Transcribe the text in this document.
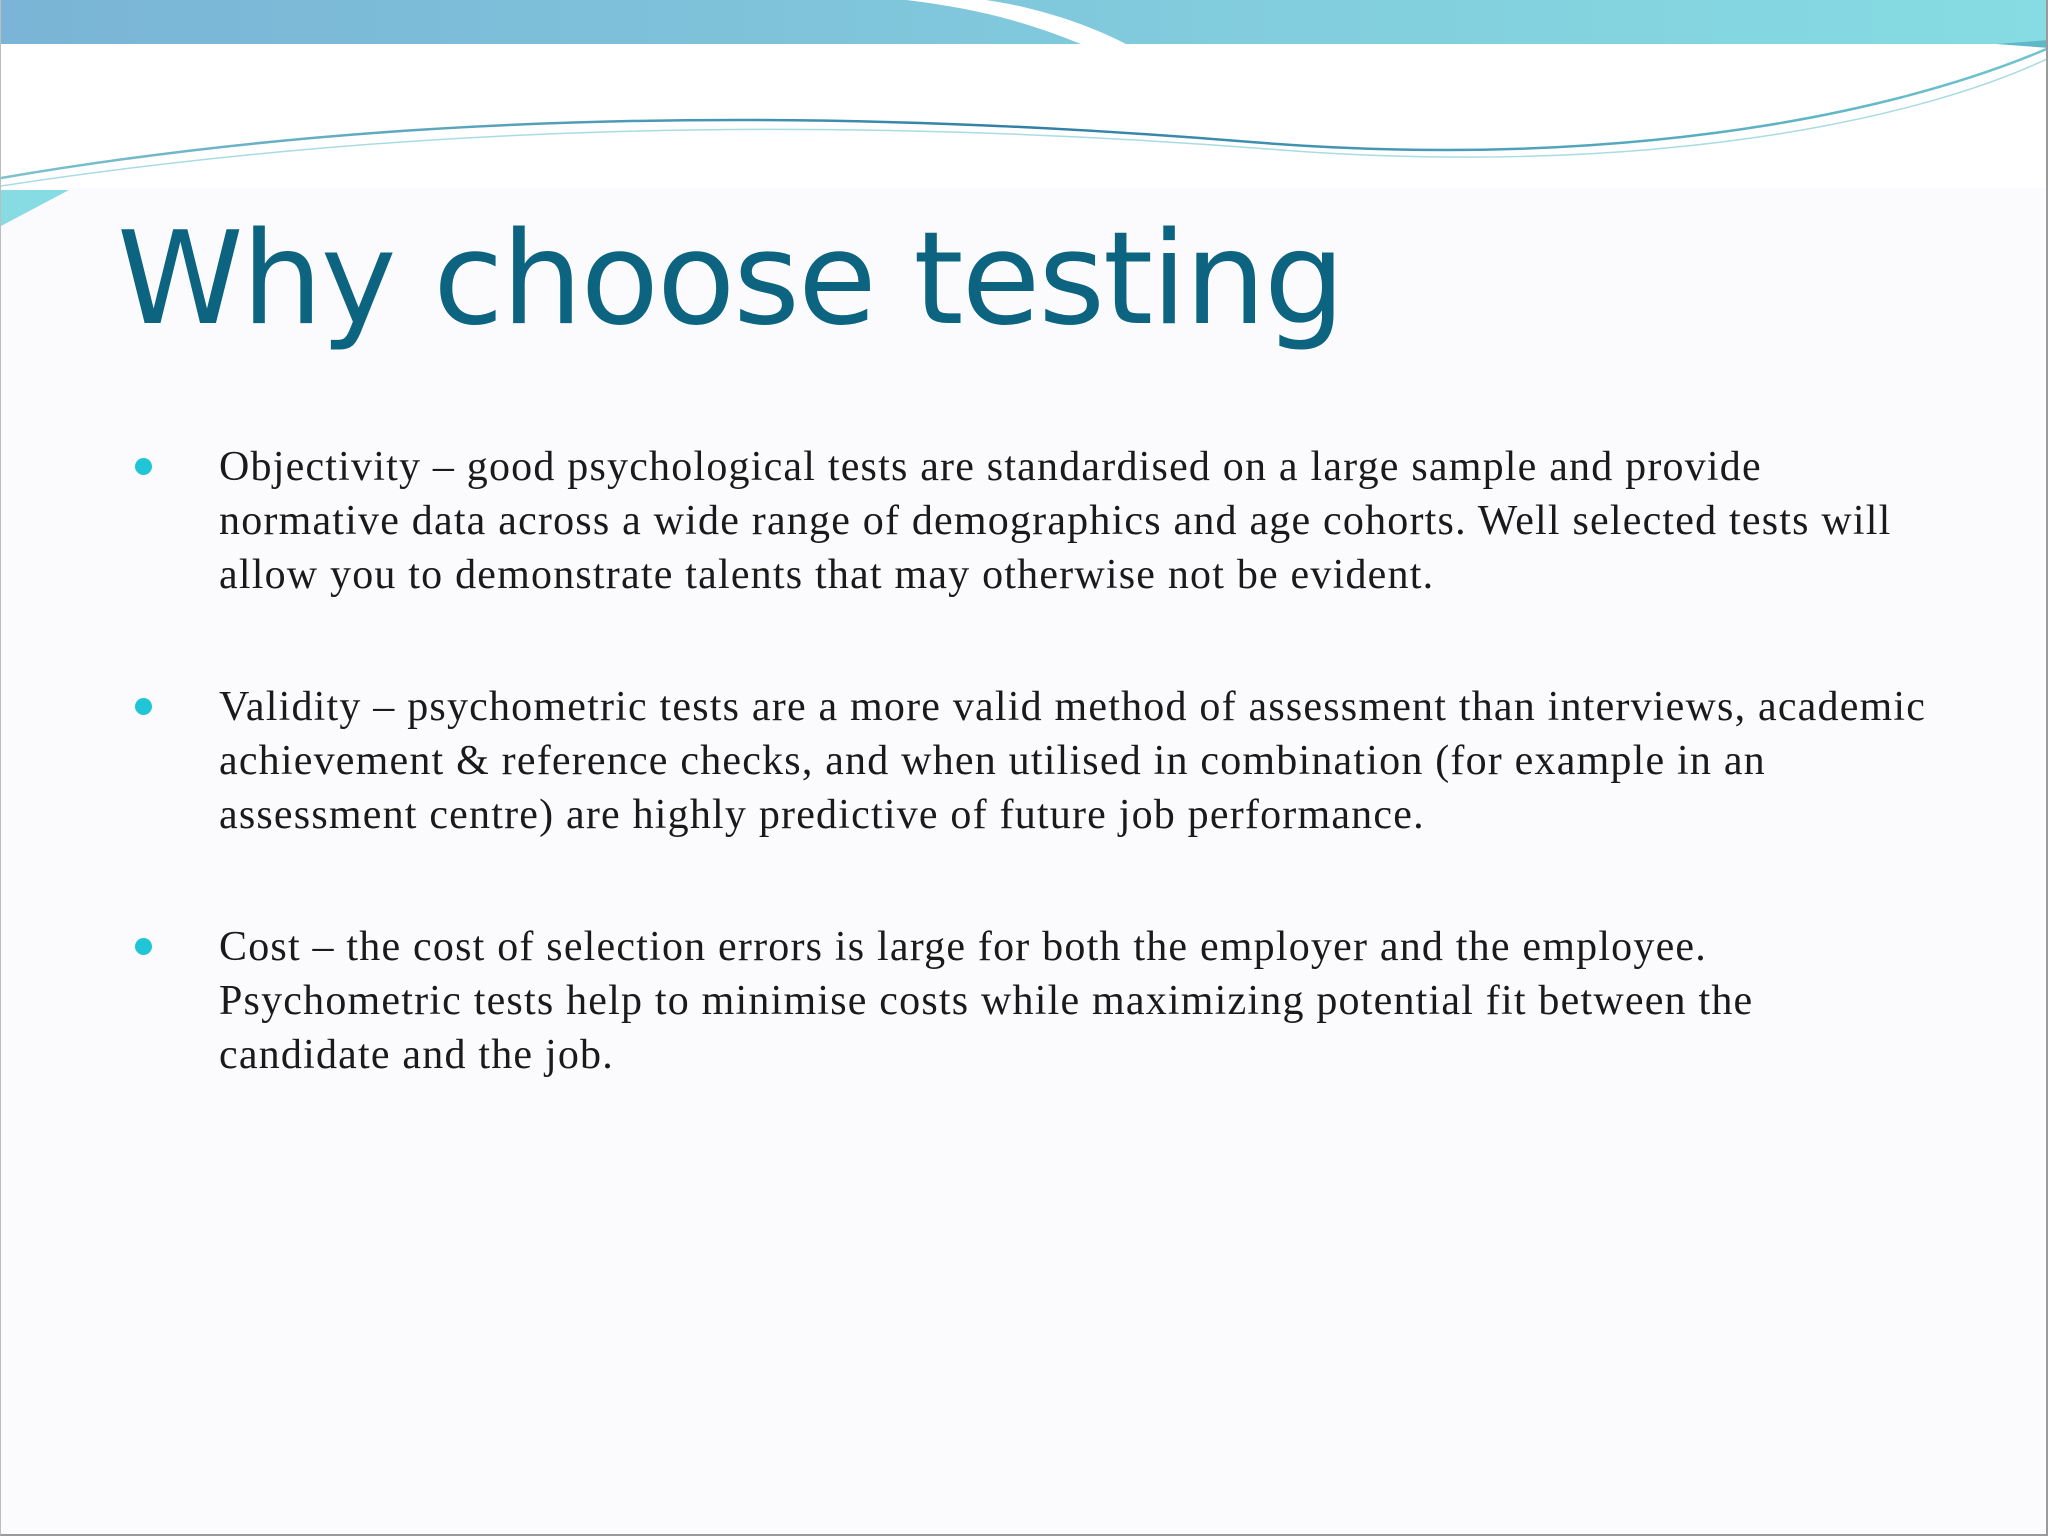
Why choose testing
Objectivity – good psychological tests are standardised on a large sample and provide normative data across a wide range of demographics and age cohorts. Well selected tests will allow you to demonstrate talents that may otherwise not be evident.
Validity – psychometric tests are a more valid method of assessment than interviews, academic achievement & reference checks, and when utilised in combination (for example in an assessment centre) are highly predictive of future job performance.
Cost – the cost of selection errors is large for both the employer and the employee. Psychometric tests help to minimise costs while maximizing potential fit between the candidate and the job.
